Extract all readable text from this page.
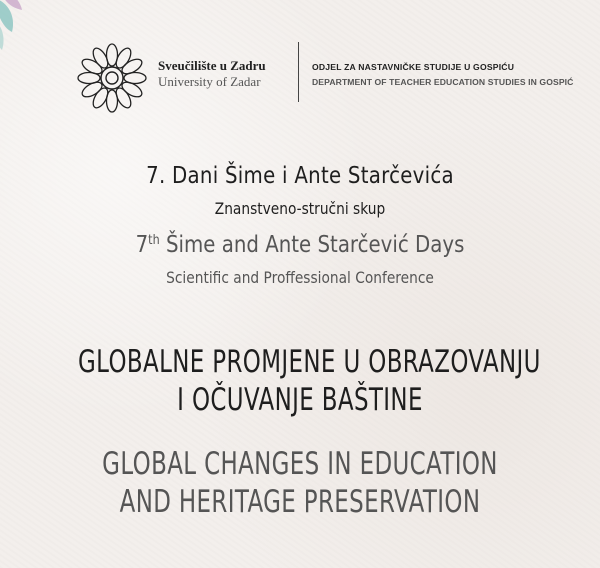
Sveučilište u Zadru
University of Zadar
ODJEL ZA NASTAVNIČKE STUDIJE U GOSPIĆU
DEPARTMENT OF TEACHER EDUCATION STUDIES IN GOSPIĆ
7. Dani Šime i Ante Starčevića
Znanstveno-stručni skup
7th Šime and Ante Starčević Days
Scientific and Proffessional Conference
GLOBALNE PROMJENE U OBRAZOVANJU
I OČUVANJE BAŠTINE
GLOBAL CHANGES IN EDUCATION
AND HERITAGE PRESERVATION
